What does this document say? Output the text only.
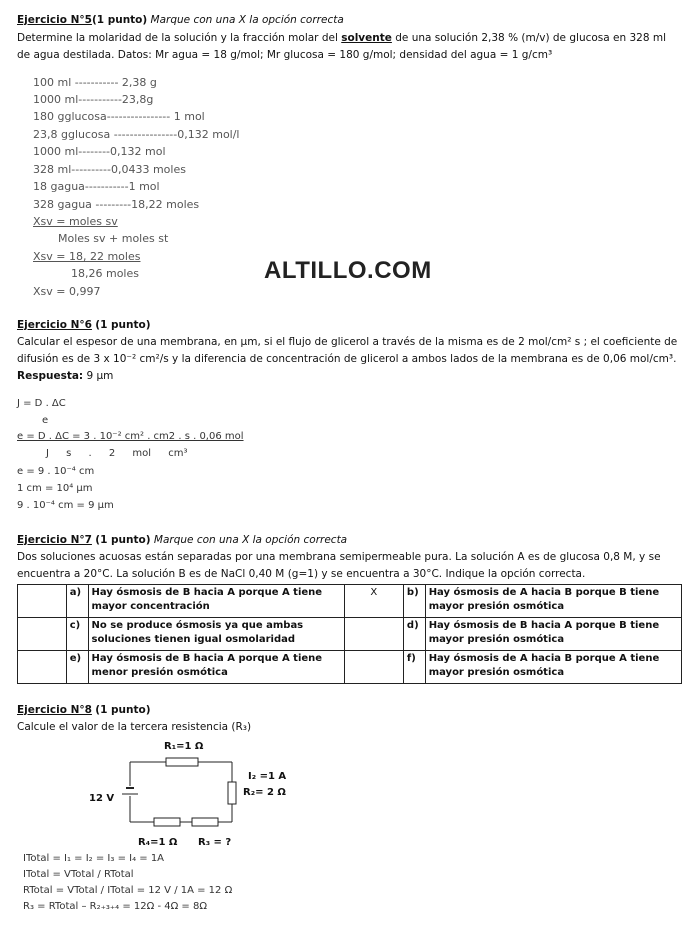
Ejercicio N°5(1 punto) Marque con una X la opción correcta
Determine la molaridad de la solución y la fracción molar del solvente de una solución 2,38 % (m/v) de glucosa en 328 ml
de agua destilada. Datos: Mr agua = 18 g/mol; Mr glucosa = 180 g/mol; densidad del agua = 1 g/cm³
100 ml ----------- 2,38 g
1000 ml-----------23,8g
180 gglucosa---------------- 1 mol
23,8 gglucosa ----------------0,132 mol/l
1000 ml--------0,132 mol
328 ml----------0,0433 moles
18 gagua-----------1 mol
328 gagua ---------18,22 moles
Xsv = moles sv
Moles sv + moles st
Xsv = 18, 22 moles
18,26 moles
Xsv = 0,997
ALTILLO.COM
Ejercicio N°6 (1 punto)
Calcular el espesor de una membrana, en µm, si el flujo de glicerol a través de la misma es de 2 mol/cm² s ; el coeficiente de
difusión es de 3 x 10⁻² cm²/s y la diferencia de concentración de glicerol a ambos lados de la membrana es de 0,06 mol/cm³.
Respuesta: 9 µm
J = D . ΔC
e
e = D . ΔC = 3 . 10⁻² cm² . cm2 . s . 0,06 mol
J s . 2 mol cm³
e = 9 . 10⁻⁴ cm
1 cm = 10⁴ µm
9 . 10⁻⁴ cm = 9 µm
Ejercicio N°7 (1 punto) Marque con una X la opción correcta
Dos soluciones acuosas están separadas por una membrana semipermeable pura. La solución A es de glucosa 0,8 M, y se
encuentra a 20°C. La solución B es de NaCl 0,40 M (g=1) y se encuentra a 30°C. Indique la opción correcta.
	a)	Hay ósmosis de B hacia A porque A tiene mayor concentración	X	b)	Hay ósmosis de A hacia B porque B tiene mayor presión osmótica
	c)	No se produce ósmosis ya que ambas soluciones tienen igual osmolaridad		d)	Hay ósmosis de B hacia A porque B tiene mayor presión osmótica
	e)	Hay ósmosis de B hacia A porque A tiene menor presión osmótica		f)	Hay ósmosis de A hacia B porque A tiene mayor presión osmótica
Ejercicio N°8 (1 punto)
Calcule el valor de la tercera resistencia (R₃)
R₁=1 Ω
I₂ =1 A
R₂= 2 Ω
12 V
R₄=1 Ω R₃ = ?
ITotal = I₁ = I₂ = I₃ = I₄ = 1A
ITotal = VTotal / RTotal
RTotal = VTotal / ITotal = 12 V / 1A = 12 Ω
R₃ = RTotal – R₂₊₃₊₄ = 12Ω - 4Ω = 8Ω
